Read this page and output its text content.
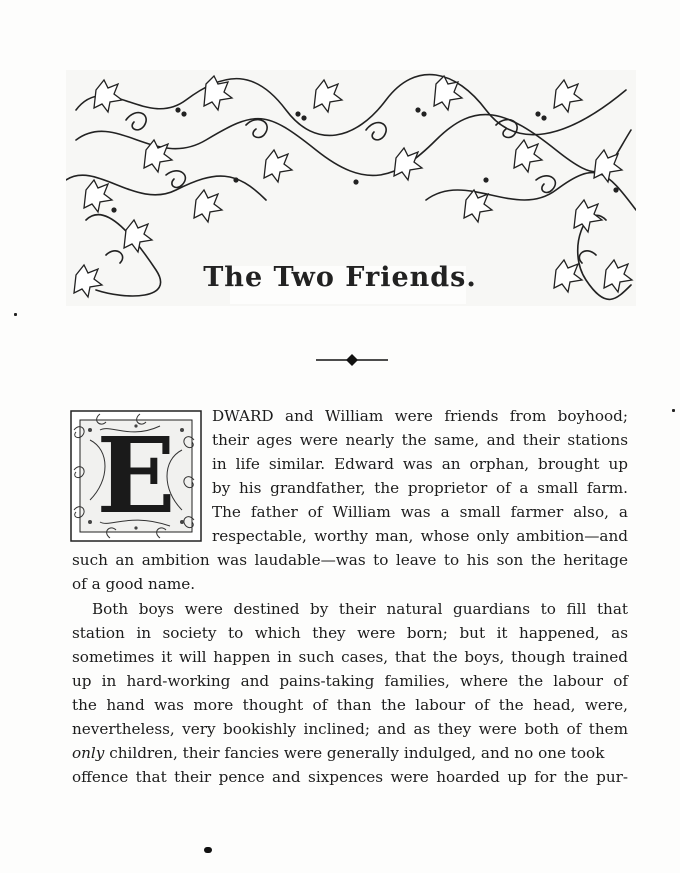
The Two Friends.
E	DWARD and William were friends from boyhood;
their ages were nearly the same, and their stations
in life similar. Edward was an orphan, brought up
by his grandfather, the proprietor of a small farm.
The father of William was a small farmer also, a
respectable, worthy man, whose only ambition—and
such an ambition was laudable—was to leave to his son the heritage
of a good name.
Both boys were destined by their natural guardians to fill that
station in society to which they were born; but it happened, as
sometimes it will happen in such cases, that the boys, though trained
up in hard-working and pains-taking families, where the labour of
the hand was more thought of than the labour of the head, were,
nevertheless, very bookishly inclined; and as they were both of them
only children, their fancies were generally indulged, and no one took
offence that their pence and sixpences were hoarded up for the pur-
